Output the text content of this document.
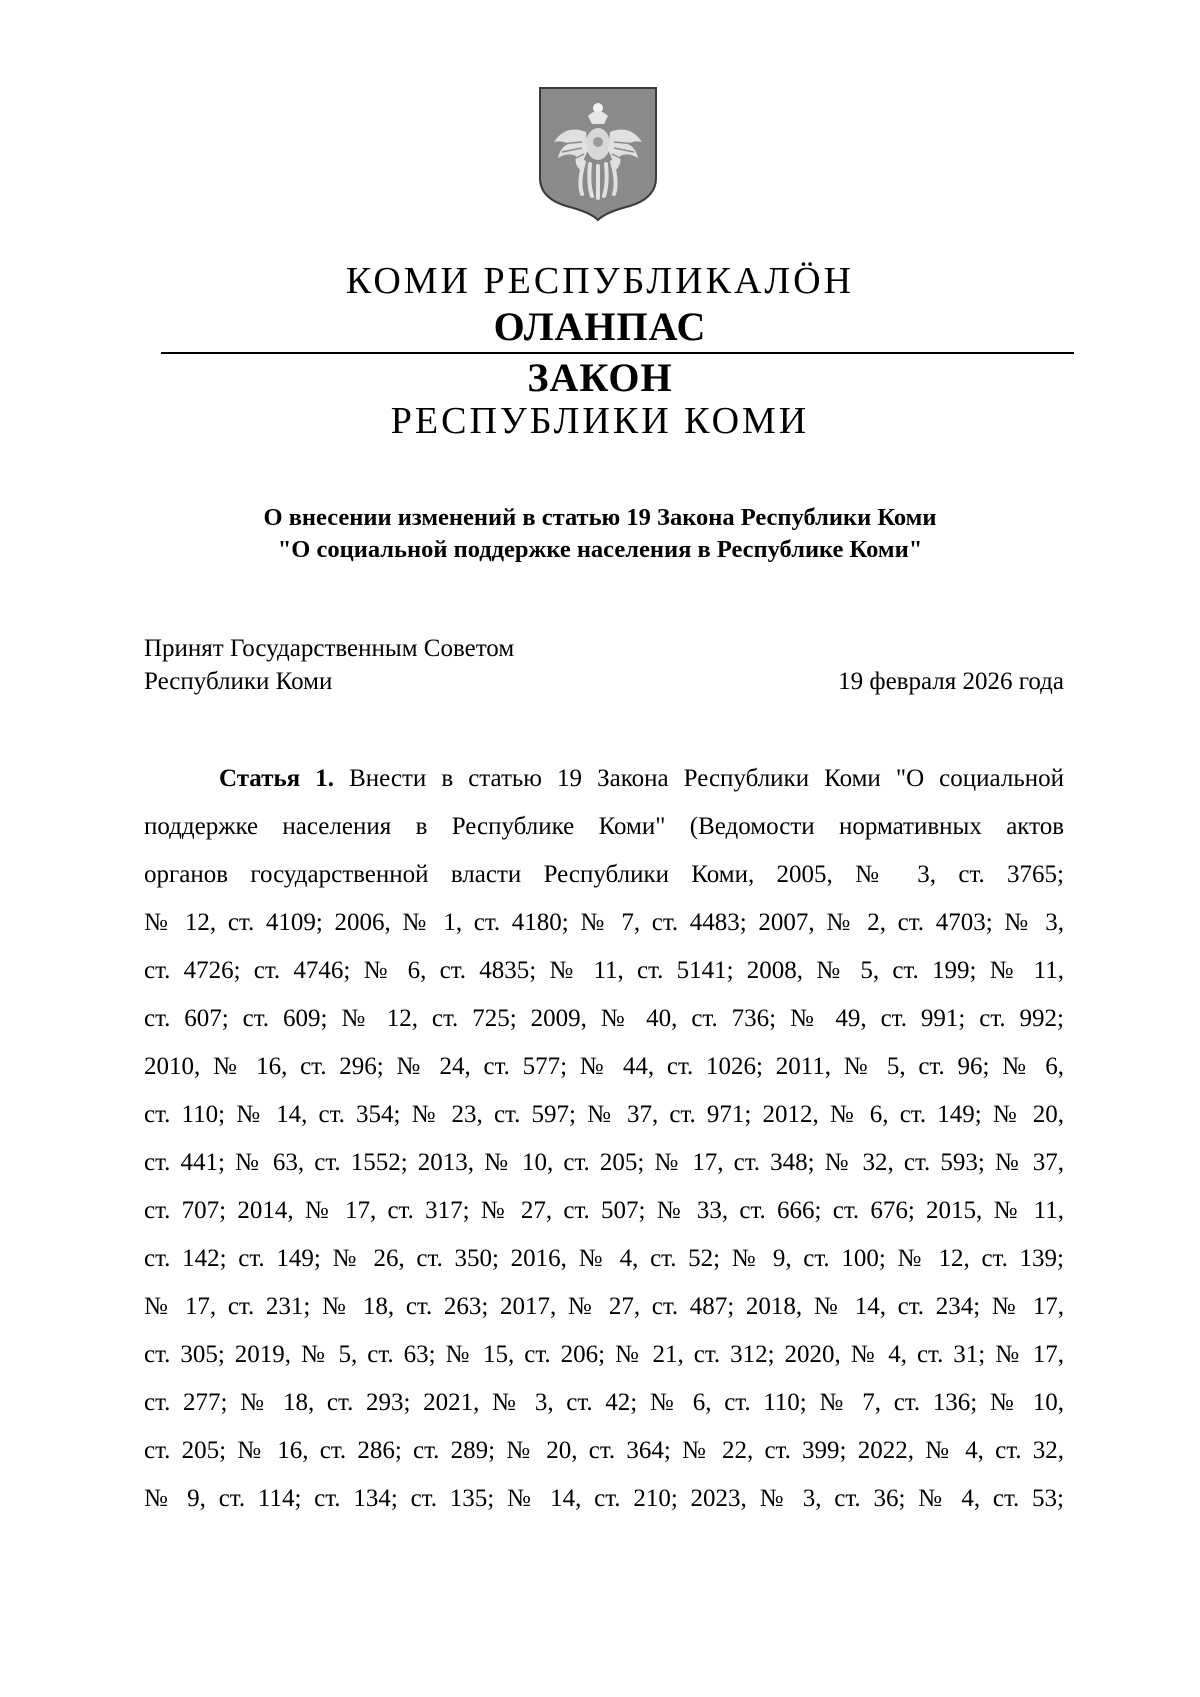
КОМИ РЕСПУБЛИКАЛÖН
ОЛАНПАС
ЗАКОН
РЕСПУБЛИКИ КОМИ
О внесении изменений в статью 19 Закона Республики Коми
"О социальной поддержке населения в Республике Коми"
Принят Государственным Советом
Республики Коми	19 февраля 2026 года
Статья 1. Внести в статью 19 Закона Республики Коми "О социальной
поддержке населения в Республике Коми" (Ведомости нормативных актов
органов государственной власти Республики Коми, 2005, № 3, ст. 3765;
№ 12, ст. 4109; 2006, № 1, ст. 4180; № 7, ст. 4483; 2007, № 2, ст. 4703; № 3,
ст. 4726; ст. 4746; № 6, ст. 4835; № 11, ст. 5141; 2008, № 5, ст. 199; № 11,
ст. 607; ст. 609; № 12, ст. 725; 2009, № 40, ст. 736; № 49, ст. 991; ст. 992;
2010, № 16, ст. 296; № 24, ст. 577; № 44, ст. 1026; 2011, № 5, ст. 96; № 6,
ст. 110; № 14, ст. 354; № 23, ст. 597; № 37, ст. 971; 2012, № 6, ст. 149; № 20,
ст. 441; № 63, ст. 1552; 2013, № 10, ст. 205; № 17, ст. 348; № 32, ст. 593; № 37,
ст. 707; 2014, № 17, ст. 317; № 27, ст. 507; № 33, ст. 666; ст. 676; 2015, № 11,
ст. 142; ст. 149; № 26, ст. 350; 2016, № 4, ст. 52; № 9, ст. 100; № 12, ст. 139;
№ 17, ст. 231; № 18, ст. 263; 2017, № 27, ст. 487; 2018, № 14, ст. 234; № 17,
ст. 305; 2019, № 5, ст. 63; № 15, ст. 206; № 21, ст. 312; 2020, № 4, ст. 31; № 17,
ст. 277; № 18, ст. 293; 2021, № 3, ст. 42; № 6, ст. 110; № 7, ст. 136; № 10,
ст. 205; № 16, ст. 286; ст. 289; № 20, ст. 364; № 22, ст. 399; 2022, № 4, ст. 32,
№ 9, ст. 114; ст. 134; ст. 135; № 14, ст. 210; 2023, № 3, ст. 36; № 4, ст. 53;
